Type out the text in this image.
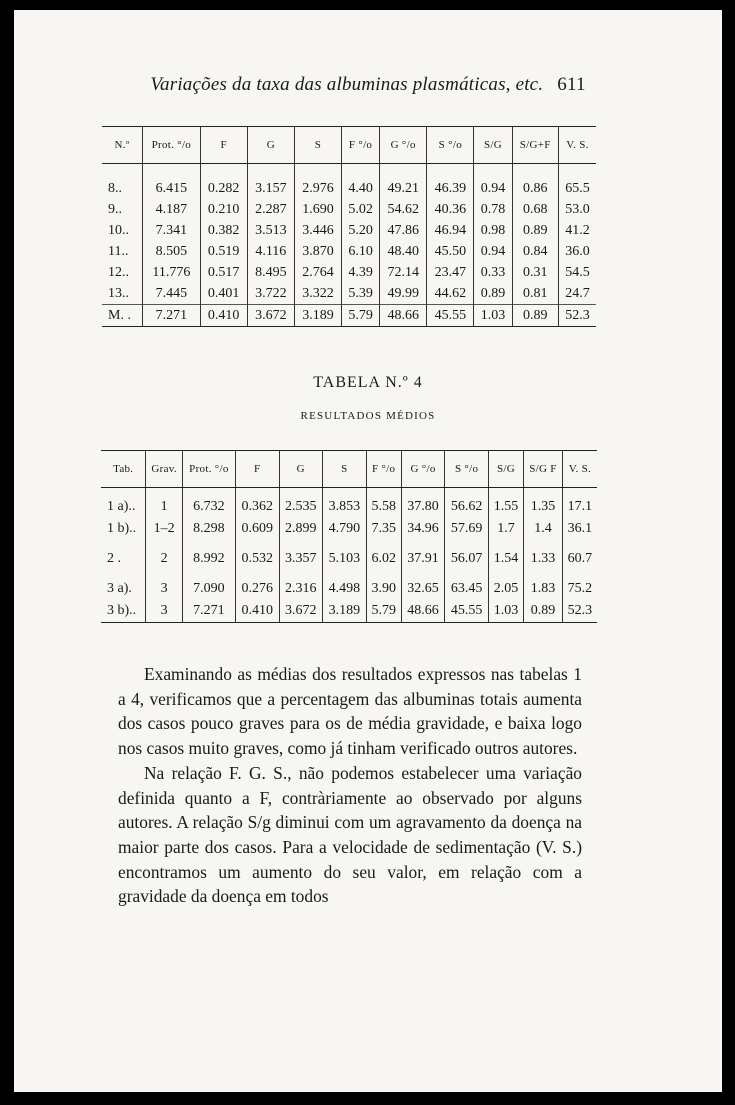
Variações da taxa das albuminas plasmáticas, etc. 611
N.º	Prot. °/o	F	G	S	F °/o	G °/o	S °/o	S/G	S/G+F	V. S.

8..	6.415	0.282	3.157	2.976	4.40	49.21	46.39	0.94	0.86	65.5
9..	4.187	0.210	2.287	1.690	5.02	54.62	40.36	0.78	0.68	53.0
10..	7.341	0.382	3.513	3.446	5.20	47.86	46.94	0.98	0.89	41.2
11..	8.505	0.519	4.116	3.870	6.10	48.40	45.50	0.94	0.84	36.0
12..	11.776	0.517	8.495	2.764	4.39	72.14	23.47	0.33	0.31	54.5
13..	7.445	0.401	3.722	3.322	5.39	49.99	44.62	0.89	0.81	24.7
M. .	7.271	0.410	3.672	3.189	5.79	48.66	45.55	1.03	0.89	52.3
TABELA N.º 4
RESULTADOS MÉDIOS
Tab.	Grav.	Prot. °/o	F	G	S	F °/o	G °/o	S °/o	S/G	S/G F	V. S.

1 a)..	1	6.732	0.362	2.535	3.853	5.58	37.80	56.62	1.55	1.35	17.1
1 b)..	1–2	8.298	0.609	2.899	4.790	7.35	34.96	57.69	1.7	1.4	36.1

2 .	2	8.992	0.532	3.357	5.103	6.02	37.91	56.07	1.54	1.33	60.7

3 a).	3	7.090	0.276	2.316	4.498	3.90	32.65	63.45	2.05	1.83	75.2
3 b)..	3	7.271	0.410	3.672	3.189	5.79	48.66	45.55	1.03	0.89	52.3

Examinando as médias dos resultados expressos nas tabelas 1 a 4, verificamos que a percentagem das albuminas totais aumenta dos casos pouco graves para os de média gravidade, e baixa logo nos casos muito graves, como já tinham verificado outros autores.

Na relação F. G. S., não podemos estabelecer uma variação definida quanto a F, contràriamente ao observado por alguns autores. A relação S/g diminui com um agravamento da doença na maior parte dos casos. Para a velocidade de sedimentação (V. S.) encontramos um aumento do seu valor, em relação com a gravidade da doença em todos
